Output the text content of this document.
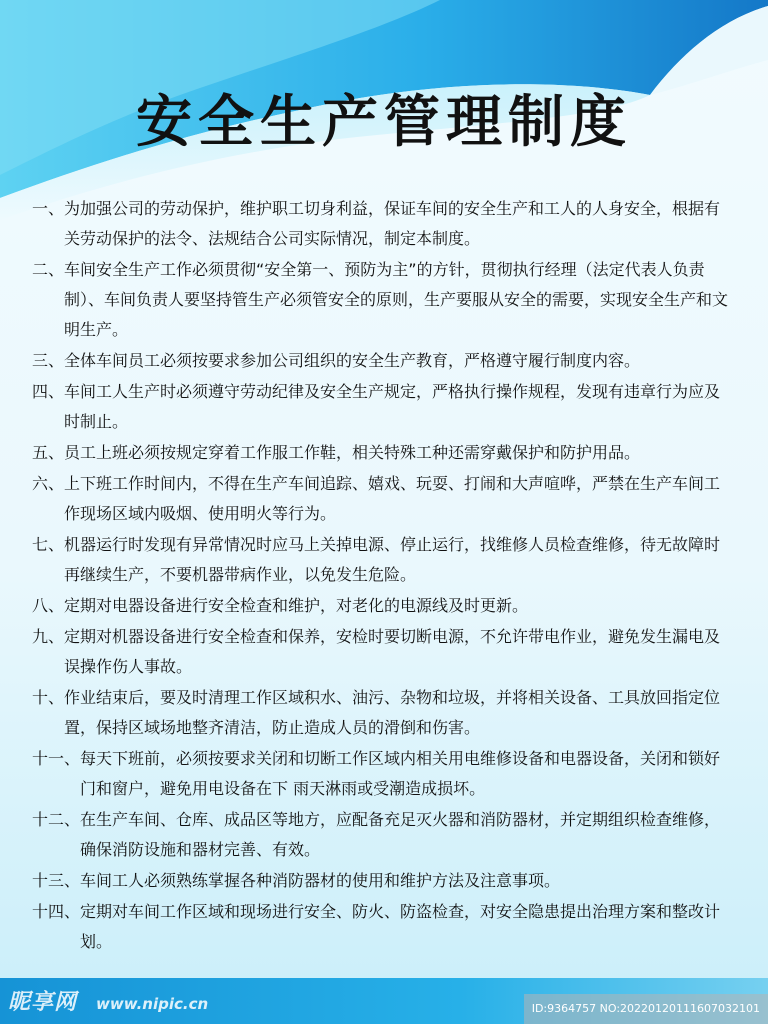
安全生产管理制度
一、 为加强公司的劳动保护，维护职工切身利益，保证车间的安全生产和工人的人身安全，根据有关劳动保护的法令、法规结合公司实际情况，制定本制度。
二、 车间安全生产工作必须贯彻“安全第一、预防为主”的方针，贯彻执行经理（法定代表人负责制）、车间负责人要坚持管生产必须管安全的原则，生产要服从安全的需要，实现安全生产和文明生产。
三、 全体车间员工必须按要求参加公司组织的安全生产教育，严格遵守履行制度内容。
四、 车间工人生产时必须遵守劳动纪律及安全生产规定，严格执行操作规程，发现有违章行为应及时制止。
五、 员工上班必须按规定穿着工作服工作鞋，相关特殊工种还需穿戴保护和防护用品。
六、 上下班工作时间内，不得在生产车间追踪、嬉戏、玩耍、打闹和大声喧哗，严禁在生产车间工作现场区域内吸烟、使用明火等行为。
七、 机器运行时发现有异常情况时应马上关掉电源、停止运行，找维修人员检查维修，待无故障时再继续生产，不要机器带病作业，以免发生危险。
八、 定期对电器设备进行安全检查和维护，对老化的电源线及时更新。
九、 定期对机器设备进行安全检查和保养，安检时要切断电源，不允许带电作业，避免发生漏电及误操作伤人事故。
十、 作业结束后，要及时清理工作区域积水、油污、杂物和垃圾，并将相关设备、工具放回指定位置，保持区域场地整齐清洁，防止造成人员的滑倒和伤害。
十一、 每天下班前，必须按要求关闭和切断工作区域内相关用电维修设备和电器设备，关闭和锁好门和窗户，避免用电设备在下 雨天淋雨或受潮造成损坏。
十二、 在生产车间、仓库、成品区等地方，应配备充足灭火器和消防器材，并定期组织检查维修，确保消防设施和器材完善、有效。
十三、 车间工人必须熟练掌握各种消防器材的使用和维护方法及注意事项。
十四、 定期对车间工作区域和现场进行安全、防火、防盗检查，对安全隐患提出治理方案和整改计划。
昵享网 www.nipic.cn	ID:9364757 NO:20220120111607032101
